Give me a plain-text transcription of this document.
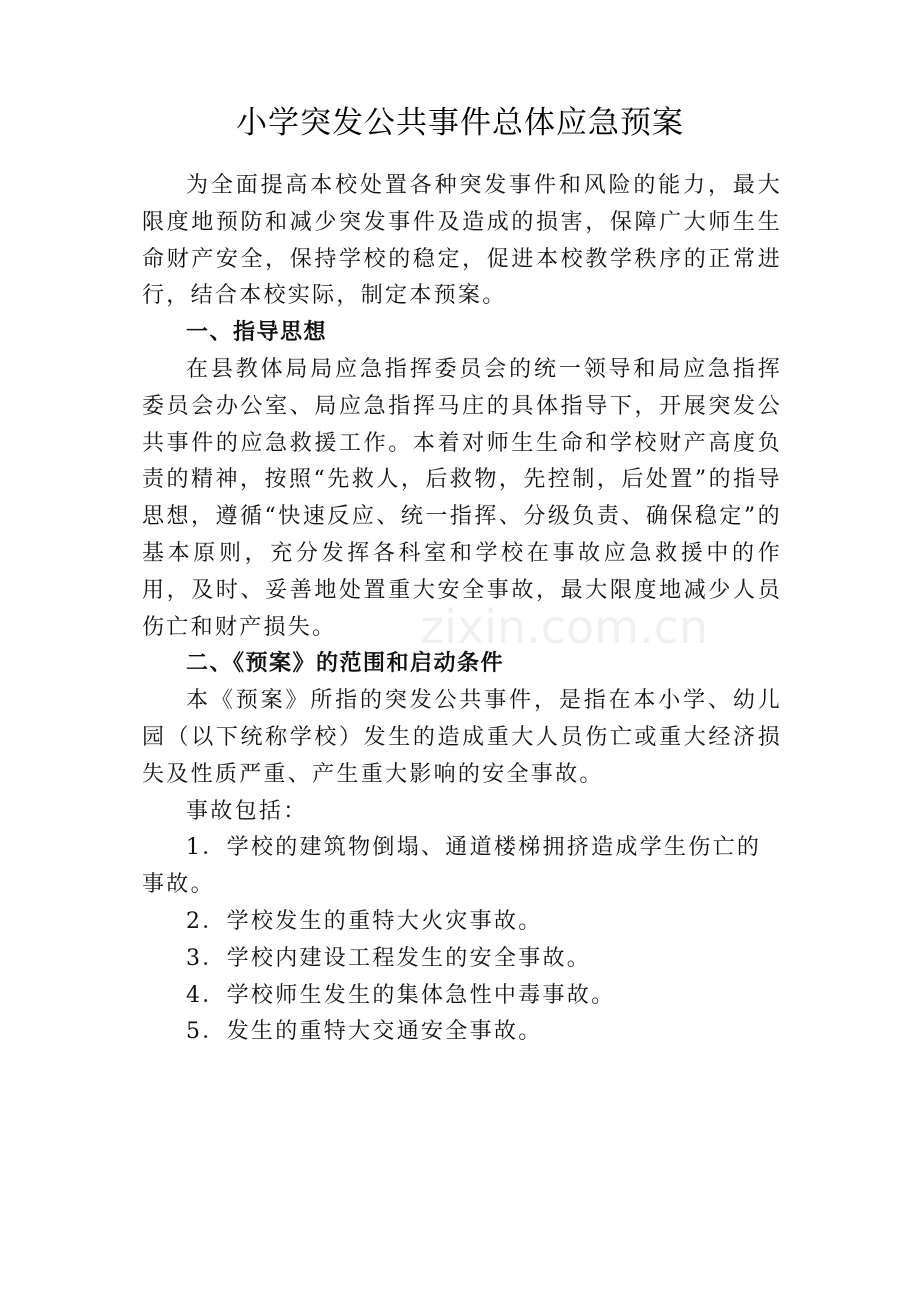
小学突发公共事件总体应急预案

为全面提高本校处置各种突发事件和风险的能力，最大限度地预防和减少突发事件及造成的损害，保障广大师生生命财产安全，保持学校的稳定，促进本校教学秩序的正常进行，结合本校实际，制定本预案。

一、指导思想

在县教体局局应急指挥委员会的统一领导和局应急指挥委员会办公室、局应急指挥马庄的具体指导下，开展突发公共事件的应急救援工作。本着对师生生命和学校财产高度负责的精神，按照“先救人，后救物，先控制，后处置”的指导思想，遵循“快速反应、统一指挥、分级负责、确保稳定”的基本原则，充分发挥各科室和学校在事故应急救援中的作用，及时、妥善地处置重大安全事故，最大限度地减少人员伤亡和财产损失。

二、《预案》的范围和启动条件

本《预案》所指的突发公共事件，是指在本小学、幼儿园（以下统称学校）发生的造成重大人员伤亡或重大经济损失及性质严重、产生重大影响的安全事故。

事故包括：

1．学校的建筑物倒塌、通道楼梯拥挤造成学生伤亡的事故。

2．学校发生的重特大火灾事故。

3．学校内建设工程发生的安全事故。

4．学校师生发生的集体急性中毒事故。

5．发生的重特大交通安全事故。

zixin.com.cn
